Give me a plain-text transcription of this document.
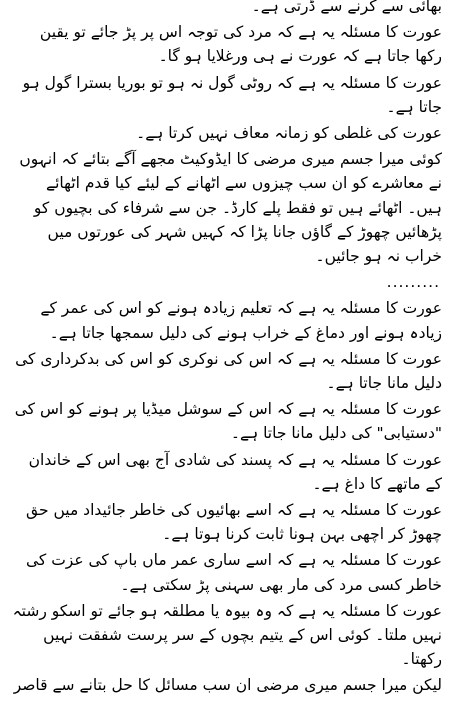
بھائی سے کرنے سے ڈرتی ہے۔

عورت کا مسئلہ یہ ہے کہ مرد کی توجہ اس پر پڑ جائے تو یقین رکھا جاتا ہے کہ عورت نے ہی ورغلایا ہو گا۔

عورت کا مسئلہ یہ ہے کہ روٹی گول نہ ہو تو بوریا بسترا گول ہو جاتا ہے۔

عورت کی غلطی کو زمانہ معاف نہیں کرتا ہے۔

کوئی میرا جسم میری مرضی کا ایڈوکیٹ مجھے آگے بتائے کہ انہوں نے معاشرے کو ان سب چیزوں سے اٹھانے کے لیئے کیا قدم اٹھائے ہیں۔ اٹھائے ہیں تو فقط پلے کارڈ۔ جن سے شرفاء کی بچیوں کو پڑھائیں چھوڑ کے گاؤں جانا پڑا کہ کہیں شہر کی عورتوں میں خراب نہ ہو جائیں۔

.........

عورت کا مسئلہ یہ ہے کہ تعلیم زیادہ ہونے کو اس کی عمر کے زیادہ ہونے اور دماغ کے خراب ہونے کی دلیل سمجھا جاتا ہے۔

عورت کا مسئلہ یہ ہے کہ اس کی نوکری کو اس کی بدکرداری کی دلیل مانا جاتا ہے۔

عورت کا مسئلہ یہ ہے کہ اس کے سوشل میڈیا پر ہونے کو اس کی "دستیابی" کی دلیل مانا جاتا ہے۔

عورت کا مسئلہ یہ ہے کہ پسند کی شادی آج بھی اس کے خاندان کے ماتھے کا داغ ہے۔

عورت کا مسئلہ یہ ہے کہ اسے بھائیوں کی خاطر جائیداد میں حق چھوڑ کر اچھی بہن ہونا ثابت کرنا ہوتا ہے۔

عورت کا مسئلہ یہ ہے کہ اسے ساری عمر ماں باپ کی عزت کی خاطر کسی مرد کی مار بھی سہنی پڑ سکتی ہے۔

عورت کا مسئلہ یہ ہے کہ وہ بیوہ یا مطلقہ ہو جائے تو اسکو رشتہ نہیں ملتا۔ کوئی اس کے یتیم بچوں کے سر پرست شفقت نہیں رکھتا۔

لیکن میرا جسم میری مرضی ان سب مسائل کا حل بتانے سے قاصر
